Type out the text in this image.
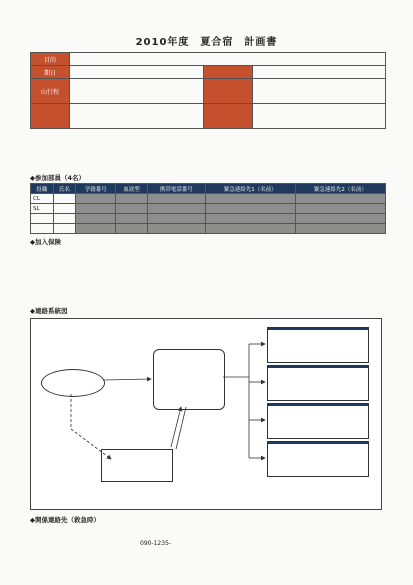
2010年度　夏合宿　計画書
目的			
期日			
山行程			

◆参加部員（4名）
役職	氏名	学籍番号	血液型	携帯電話番号	緊急連絡先1（名前）	緊急連絡先2（名前）
CL						
SL						

◆加入保険
◆連絡系統図
◆関係連絡先（救急時）
090-1235-
